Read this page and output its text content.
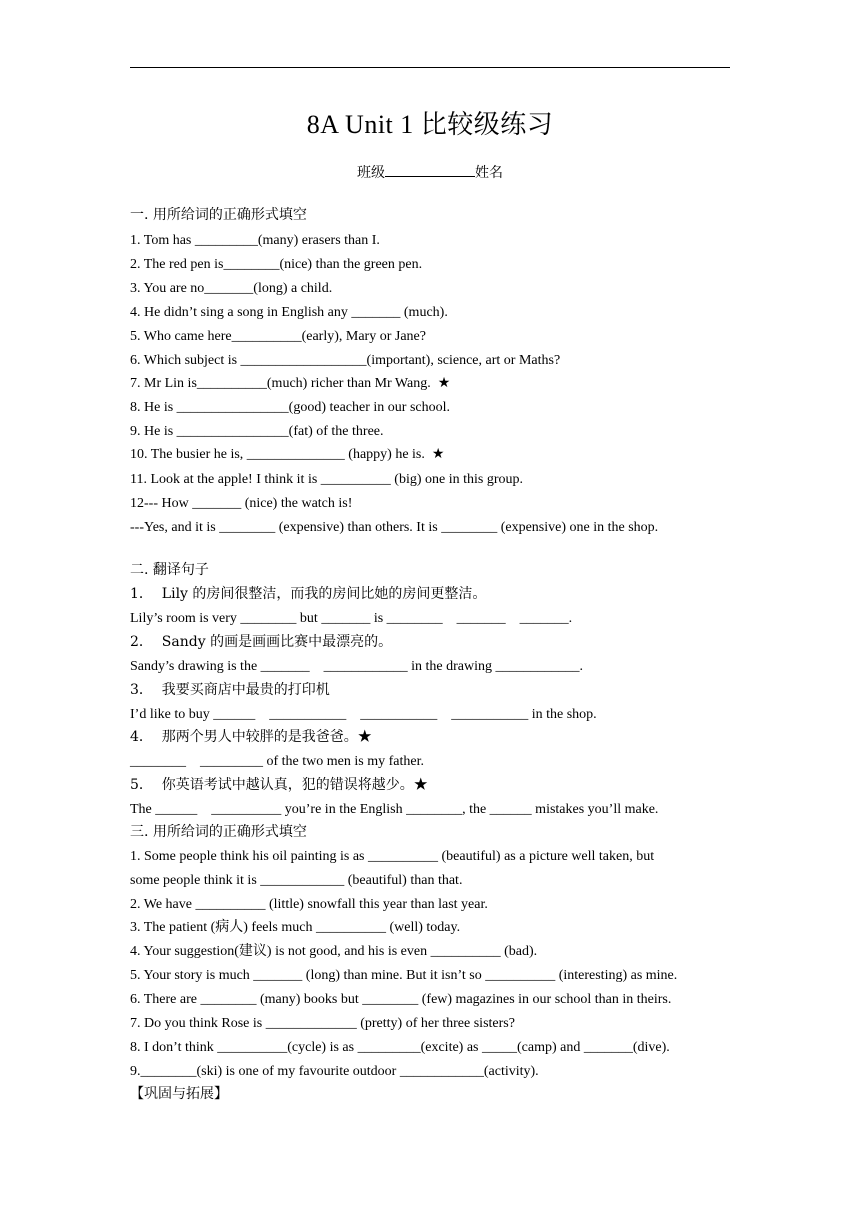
8A Unit 1 比较级练习
班级	姓名
一. 用所给词的正确形式填空
1. Tom has _________(many) erasers than I.
2. The red pen is________(nice) than the green pen.
3. You are no_______(long) a child.
4. He didn’t sing a song in English any _______ (much).
5. Who came here__________(early), Mary or Jane?
6. Which subject is __________________(important), science, art or Maths?
7. Mr Lin is__________(much) richer than Mr Wang.  ★
8. He is ________________(good) teacher in our school.
9. He is ________________(fat) of the three.
10. The busier he is, ______________ (happy) he is.  ★
11. Look at the apple! I think it is __________ (big) one in this group.
12--- How _______ (nice) the watch is!
---Yes, and it is ________ (expensive) than others. It is ________ (expensive) one in the shop.
二. 翻译句子
1．  Lily 的房间很整洁，而我的房间比她的房间更整洁。
Lily’s room is very ________ but _______ is ________    _______    _______.
2．  Sandy 的画是画画比赛中最漂亮的。
Sandy’s drawing is the _______    ____________ in the drawing ____________.
3．  我要买商店中最贵的打印机
I’d like to buy ______    ___________    ___________    ___________ in the shop.
4．  那两个男人中较胖的是我爸爸。★
________    _________ of the two men is my father.
5．  你英语考试中越认真，犯的错误将越少。★
The ______    __________ you’re in the English ________, the ______ mistakes you’ll make.
三. 用所给词的正确形式填空
1. Some people think his oil painting is as __________ (beautiful) as a picture well taken, but
some people think it is ____________ (beautiful) than that.
2. We have __________ (little) snowfall this year than last year.
3. The patient (病人) feels much __________ (well) today.
4. Your suggestion(建议) is not good, and his is even __________ (bad).
5. Your story is much _______ (long) than mine. But it isn’t so __________ (interesting) as mine.
6. There are ________ (many) books but ________ (few) magazines in our school than in theirs.
7. Do you think Rose is _____________ (pretty) of her three sisters?
8. I don’t think __________(cycle) is as _________(excite) as _____(camp) and _______(dive).
9.________(ski) is one of my favourite outdoor ____________(activity).
【巩固与拓展】
